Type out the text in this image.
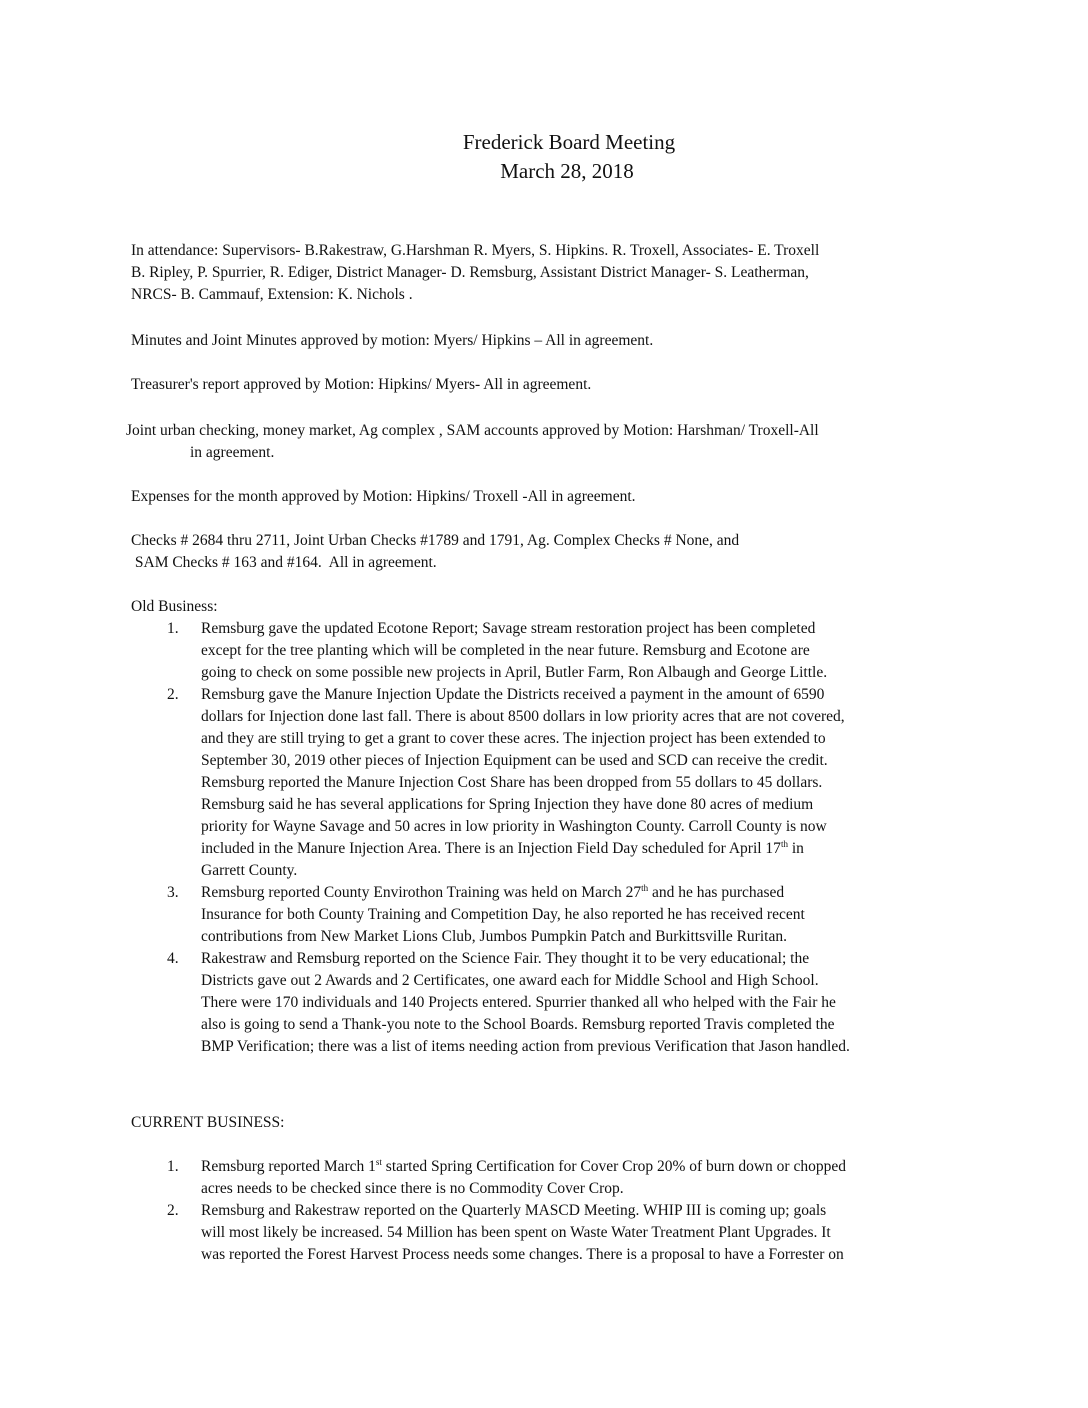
Frederick Board Meeting
March 28, 2018
In attendance: Supervisors- B.Rakestraw, G.Harshman R. Myers, S. Hipkins. R. Troxell, Associates- E. Troxell
B. Ripley, P. Spurrier, R. Ediger, District Manager- D. Remsburg, Assistant District Manager- S. Leatherman,
NRCS- B. Cammauf, Extension: K. Nichols .
Minutes and Joint Minutes approved by motion: Myers/ Hipkins – All in agreement.
Treasurer's report approved by Motion: Hipkins/ Myers- All in agreement.
Joint urban checking, money market, Ag complex , SAM accounts approved by Motion: Harshman/ Troxell-All
in agreement.
Expenses for the month approved by Motion: Hipkins/ Troxell -All in agreement.
Checks # 2684 thru 2711, Joint Urban Checks #1789 and 1791, Ag. Complex Checks # None, and
SAM Checks # 163 and #164.  All in agreement.
Old Business:
1. Remsburg gave the updated Ecotone Report; Savage stream restoration project has been completed
except for the tree planting which will be completed in the near future. Remsburg and Ecotone are
going to check on some possible new projects in April, Butler Farm, Ron Albaugh and George Little.
2. Remsburg gave the Manure Injection Update the Districts received a payment in the amount of 6590
dollars for Injection done last fall. There is about 8500 dollars in low priority acres that are not covered,
and they are still trying to get a grant to cover these acres. The injection project has been extended to
September 30, 2019 other pieces of Injection Equipment can be used and SCD can receive the credit.
Remsburg reported the Manure Injection Cost Share has been dropped from 55 dollars to 45 dollars.
Remsburg said he has several applications for Spring Injection they have done 80 acres of medium
priority for Wayne Savage and 50 acres in low priority in Washington County. Carroll County is now
included in the Manure Injection Area. There is an Injection Field Day scheduled for April 17th in
Garrett County.
3. Remsburg reported County Envirothon Training was held on March 27th and he has purchased
Insurance for both County Training and Competition Day, he also reported he has received recent
contributions from New Market Lions Club, Jumbos Pumpkin Patch and Burkittsville Ruritan.
4. Rakestraw and Remsburg reported on the Science Fair. They thought it to be very educational; the
Districts gave out 2 Awards and 2 Certificates, one award each for Middle School and High School.
There were 170 individuals and 140 Projects entered. Spurrier thanked all who helped with the Fair he
also is going to send a Thank-you note to the School Boards. Remsburg reported Travis completed the
BMP Verification; there was a list of items needing action from previous Verification that Jason handled.
CURRENT BUSINESS:
1. Remsburg reported March 1st started Spring Certification for Cover Crop 20% of burn down or chopped
acres needs to be checked since there is no Commodity Cover Crop.
2. Remsburg and Rakestraw reported on the Quarterly MASCD Meeting. WHIP III is coming up; goals
will most likely be increased. 54 Million has been spent on Waste Water Treatment Plant Upgrades. It
was reported the Forest Harvest Process needs some changes. There is a proposal to have a Forrester on
